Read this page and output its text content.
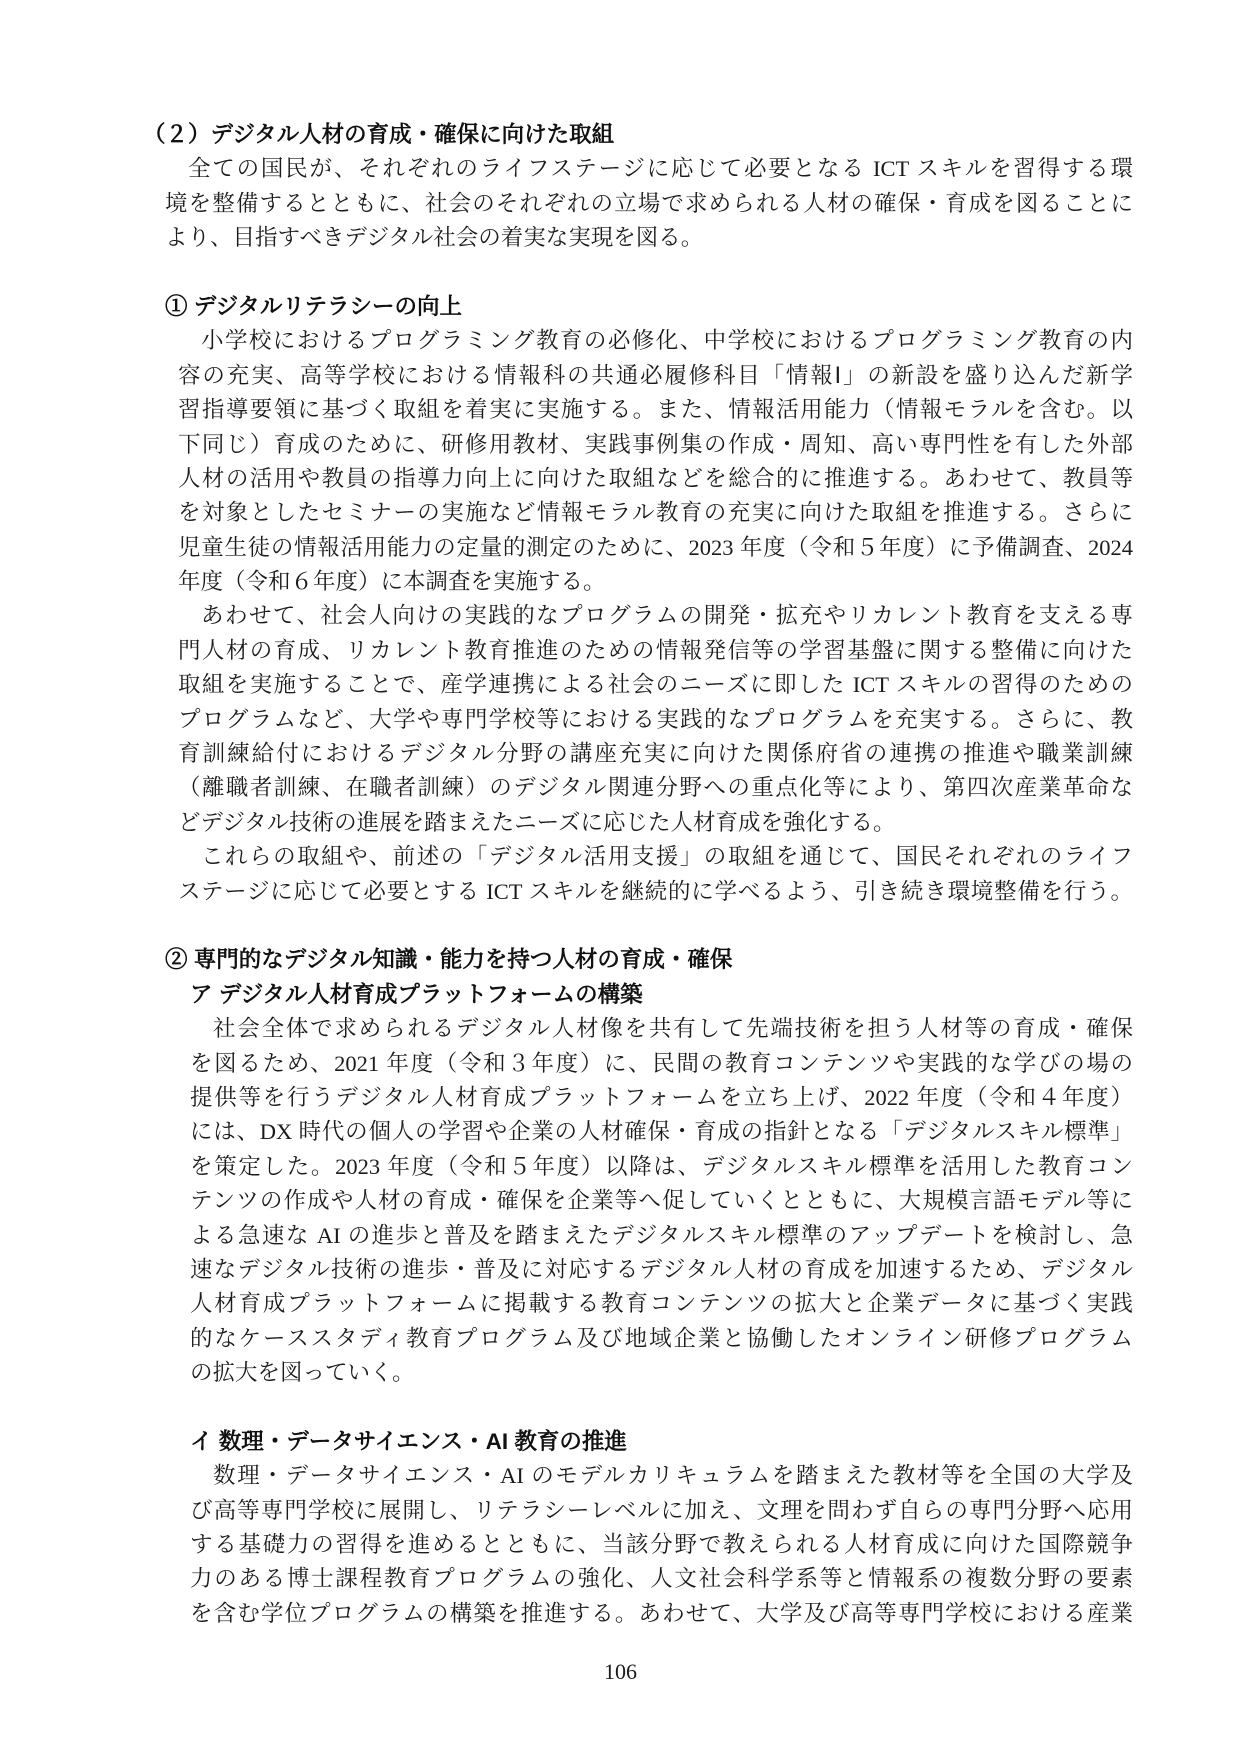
（２）デジタル人材の育成・確保に向けた取組
全ての国民が、それぞれのライフステージに応じて必要となる ICT スキルを習得する環
境を整備するとともに、社会のそれぞれの立場で求められる人材の確保・育成を図ることに
より、目指すべきデジタル社会の着実な実現を図る。
① デジタルリテラシーの向上
小学校におけるプログラミング教育の必修化、中学校におけるプログラミング教育の内
容の充実、高等学校における情報科の共通必履修科目「情報Ⅰ」の新設を盛り込んだ新学
習指導要領に基づく取組を着実に実施する。また、情報活用能力（情報モラルを含む。以
下同じ）育成のために、研修用教材、実践事例集の作成・周知、高い専門性を有した外部
人材の活用や教員の指導力向上に向けた取組などを総合的に推進する。あわせて、教員等
を対象としたセミナーの実施など情報モラル教育の充実に向けた取組を推進する。さらに
児童生徒の情報活用能力の定量的測定のために、2023 年度（令和５年度）に予備調査、2024
年度（令和６年度）に本調査を実施する。
あわせて、社会人向けの実践的なプログラムの開発・拡充やリカレント教育を支える専
門人材の育成、リカレント教育推進のための情報発信等の学習基盤に関する整備に向けた
取組を実施することで、産学連携による社会のニーズに即した ICT スキルの習得のための
プログラムなど、大学や専門学校等における実践的なプログラムを充実する。さらに、教
育訓練給付におけるデジタル分野の講座充実に向けた関係府省の連携の推進や職業訓練
（離職者訓練、在職者訓練）のデジタル関連分野への重点化等により、第四次産業革命な
どデジタル技術の進展を踏まえたニーズに応じた人材育成を強化する。
これらの取組や、前述の「デジタル活用支援」の取組を通じて、国民それぞれのライフ
ステージに応じて必要とする ICT スキルを継続的に学べるよう、引き続き環境整備を行う。
② 専門的なデジタル知識・能力を持つ人材の育成・確保
ア デジタル人材育成プラットフォームの構築
社会全体で求められるデジタル人材像を共有して先端技術を担う人材等の育成・確保
を図るため、2021 年度（令和３年度）に、民間の教育コンテンツや実践的な学びの場の
提供等を行うデジタル人材育成プラットフォームを立ち上げ、2022 年度（令和４年度）
には、DX 時代の個人の学習や企業の人材確保・育成の指針となる「デジタルスキル標準」
を策定した。2023 年度（令和５年度）以降は、デジタルスキル標準を活用した教育コン
テンツの作成や人材の育成・確保を企業等へ促していくとともに、大規模言語モデル等に
よる急速な AI の進歩と普及を踏まえたデジタルスキル標準のアップデートを検討し、急
速なデジタル技術の進歩・普及に対応するデジタル人材の育成を加速するため、デジタル
人材育成プラットフォームに掲載する教育コンテンツの拡大と企業データに基づく実践
的なケーススタディ教育プログラム及び地域企業と協働したオンライン研修プログラム
の拡大を図っていく。
イ 数理・データサイエンス・AI 教育の推進
数理・データサイエンス・AI のモデルカリキュラムを踏まえた教材等を全国の大学及
び高等専門学校に展開し、リテラシーレベルに加え、文理を問わず自らの専門分野へ応用
する基礎力の習得を進めるとともに、当該分野で教えられる人材育成に向けた国際競争
力のある博士課程教育プログラムの強化、人文社会科学系等と情報系の複数分野の要素
を含む学位プログラムの構築を推進する。あわせて、大学及び高等専門学校における産業
106
